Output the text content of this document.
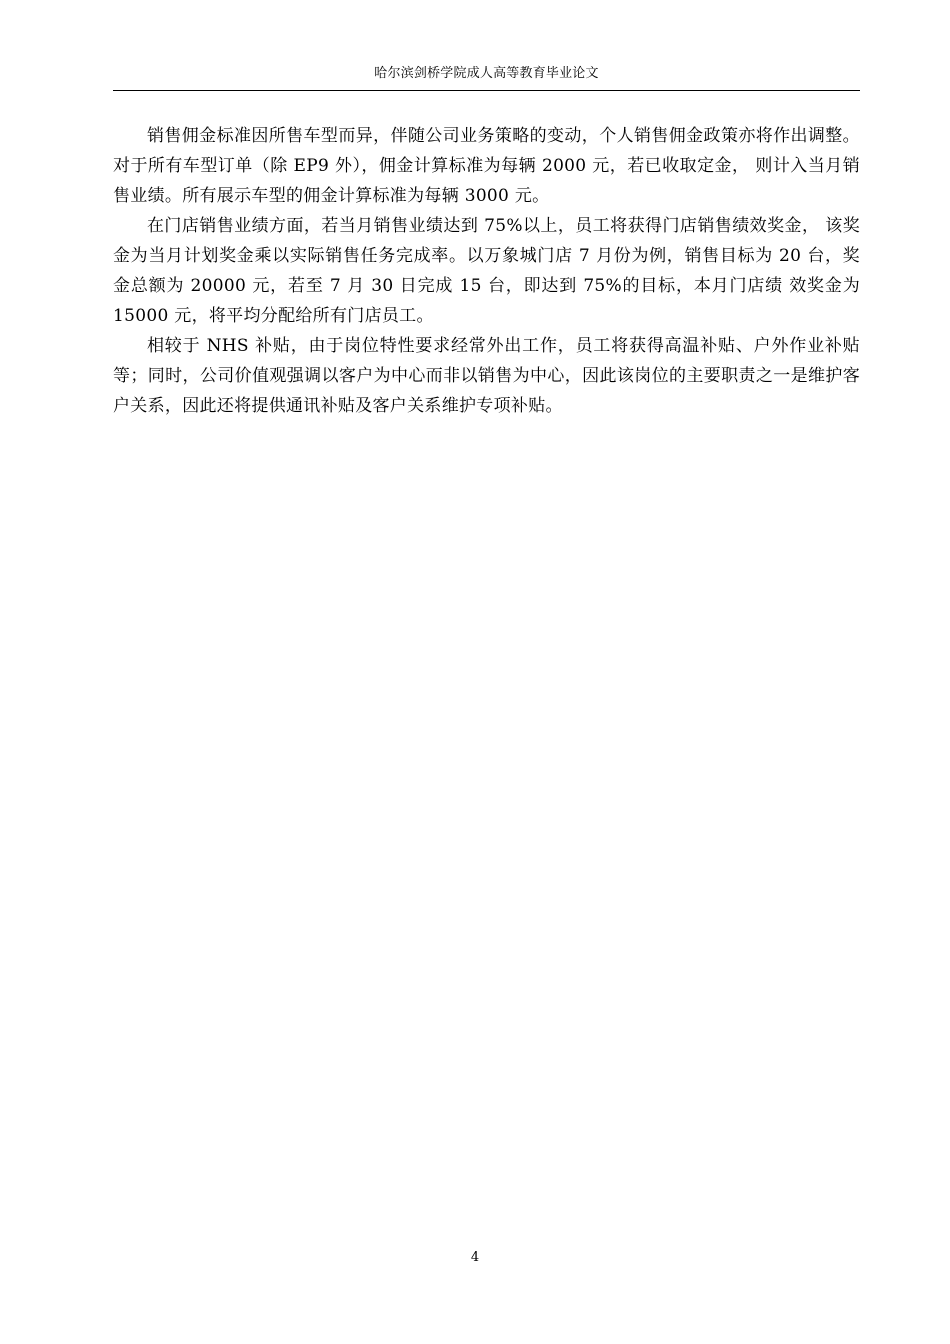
哈尔滨剑桥学院成人高等教育毕业论文

销售佣金标准因所售车型而异，伴随公司业务策略的变动，个人销售佣金政策亦将作出调整。对于所有车型订单（除 EP9 外），佣金计算标准为每辆 2000 元，若已收取定金， 则计入当月销售业绩。所有展示车型的佣金计算标准为每辆 3000 元。

在门店销售业绩方面，若当月销售业绩达到 75%以上，员工将获得门店销售绩效奖金， 该奖金为当月计划奖金乘以实际销售任务完成率。以万象城门店 7 月份为例，销售目标为 20 台，奖金总额为 20000 元，若至 7 月 30 日完成 15 台，即达到 75%的目标，本月门店绩 效奖金为 15000 元，将平均分配给所有门店员工。

相较于 NHS 补贴，由于岗位特性要求经常外出工作，员工将获得高温补贴、户外作业补贴等；同时，公司价值观强调以客户为中心而非以销售为中心，因此该岗位的主要职责之一是维护客户关系，因此还将提供通讯补贴及客户关系维护专项补贴。

4
